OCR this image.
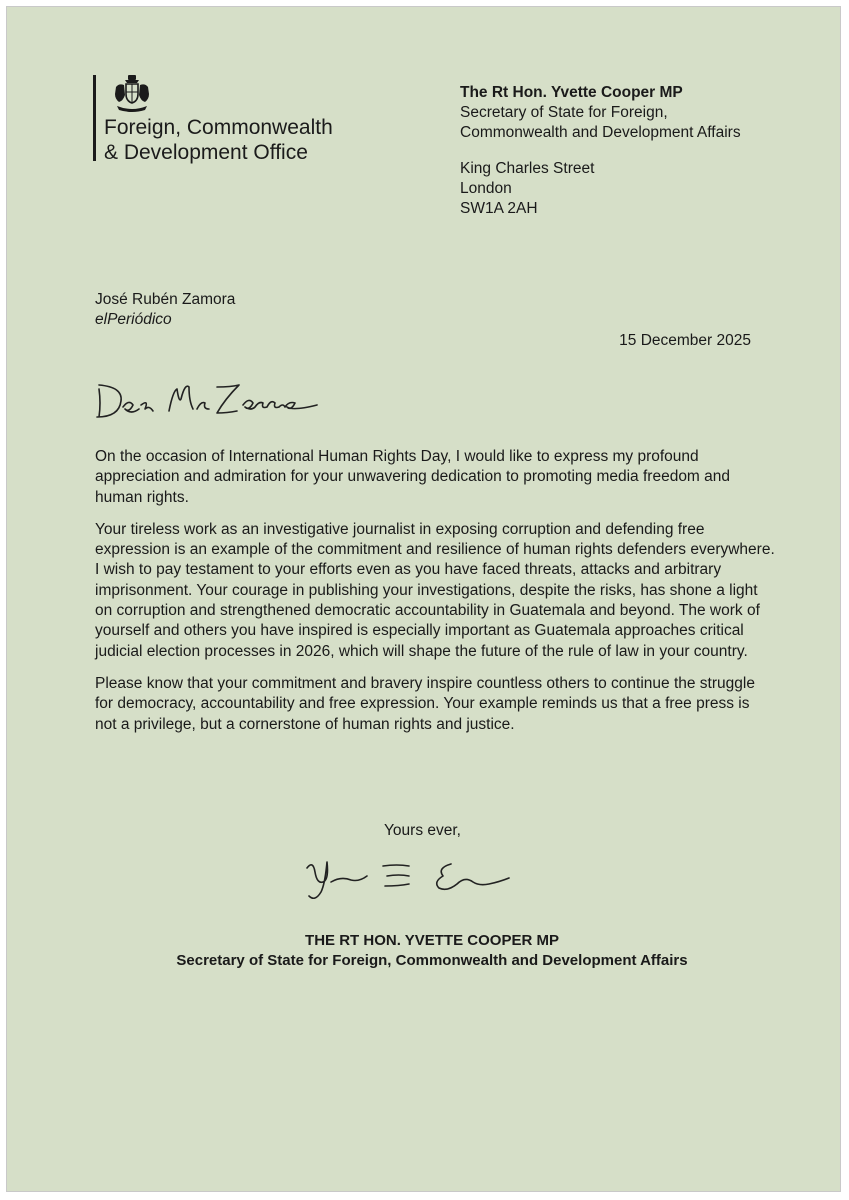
Foreign, Commonwealth
& Development Office
The Rt Hon. Yvette Cooper MP
Secretary of State for Foreign,
Commonwealth and Development Affairs
King Charles Street
London
SW1A 2AH
José Rubén Zamora
elPeriódico
15 December 2025

On the occasion of International Human Rights Day, I would like to express my profound appreciation and admiration for your unwavering dedication to promoting media freedom and human rights.

Your tireless work as an investigative journalist in exposing corruption and defending free expression is an example of the commitment and resilience of human rights defenders everywhere. I wish to pay testament to your efforts even as you have faced threats, attacks and arbitrary imprisonment. Your courage in publishing your investigations, despite the risks, has shone a light on corruption and strengthened democratic accountability in Guatemala and beyond. The work of yourself and others you have inspired is especially important as Guatemala approaches critical judicial election processes in 2026, which will shape the future of the rule of law in your country.

Please know that your commitment and bravery inspire countless others to continue the struggle for democracy, accountability and free expression. Your example reminds us that a free press is not a privilege, but a cornerstone of human rights and justice.

Yours ever,
THE RT HON. YVETTE COOPER MP
Secretary of State for Foreign, Commonwealth and Development Affairs
